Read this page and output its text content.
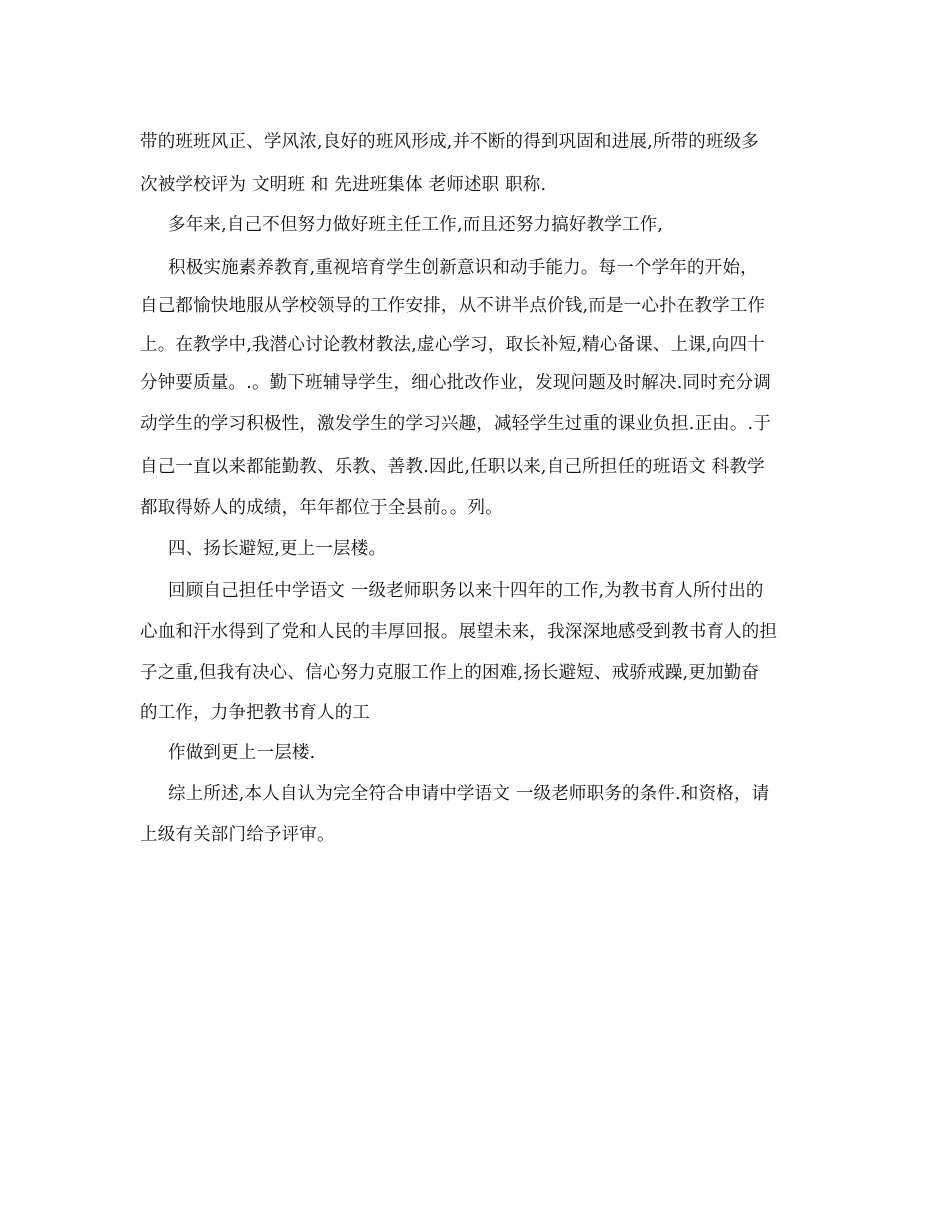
带的班班风正、学风浓,良好的班风形成,并不断的得到巩固和进展,所带的班级多
次被学校评为 文明班 和 先进班集体 老师述职 职称.
多年来,自己不但努力做好班主任工作,而且还努力搞好教学工作,
积极实施素养教育,重视培育学生创新意识和动手能力。每一个学年的开始，
自己都愉快地服从学校领导的工作安排，从不讲半点价钱,而是一心扑在教学工作
上。在教学中,我潜心讨论教材教法,虚心学习，取长补短,精心备课、上课,向四十
分钟要质量。.。勤下班辅导学生，细心批改作业，发现问题及时解决.同时充分调
动学生的学习积极性，激发学生的学习兴趣，减轻学生过重的课业负担.正由。.于
自己一直以来都能勤教、乐教、善教.因此,任职以来,自己所担任的班语文 科教学
都取得娇人的成绩，年年都位于全县前。。列。
四、扬长避短,更上一层楼。
回顾自己担任中学语文 一级老师职务以来十四年的工作,为教书育人所付出的
心血和汗水得到了党和人民的丰厚回报。展望未来，我深深地感受到教书育人的担
子之重,但我有决心、信心努力克服工作上的困难,扬长避短、戒骄戒躁,更加勤奋
的工作，力争把教书育人的工
作做到更上一层楼.
综上所述,本人自认为完全符合申请中学语文 一级老师职务的条件.和资格，请
上级有关部门给予评审。
